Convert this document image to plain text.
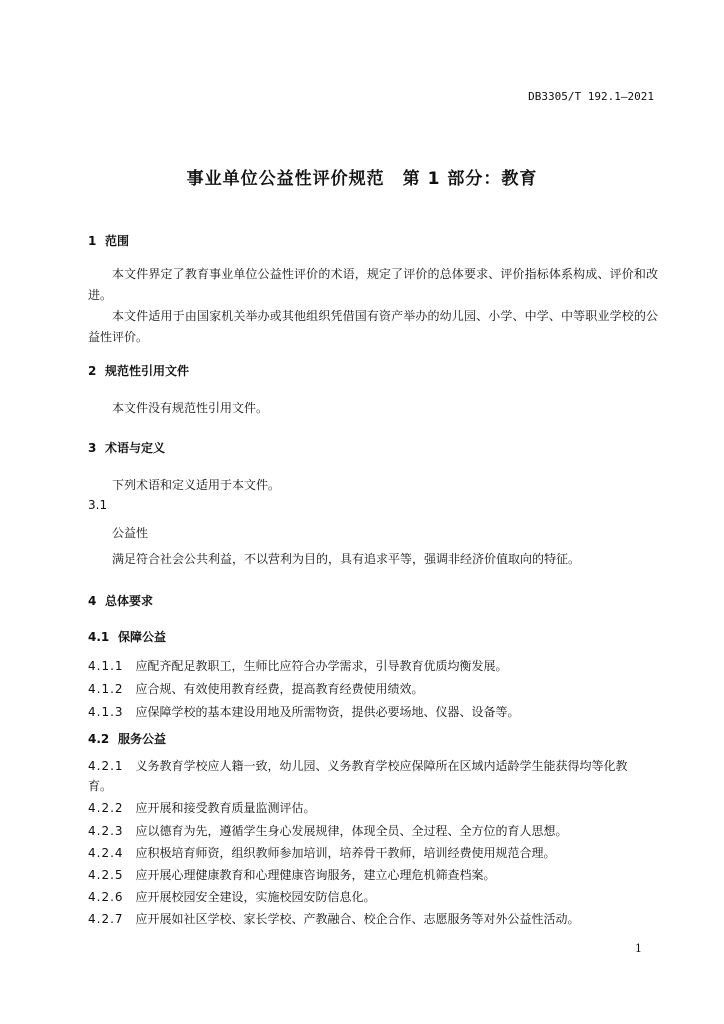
DB3305/T 192.1—2021
事业单位公益性评价规范　第 1 部分：教育
1 范围
本文件界定了教育事业单位公益性评价的术语，规定了评价的总体要求、评价指标体系构成、评价和改进。
本文件适用于由国家机关举办或其他组织凭借国有资产举办的幼儿园、小学、中学、中等职业学校的公益性评价。
2 规范性引用文件
本文件没有规范性引用文件。
3 术语与定义
下列术语和定义适用于本文件。
3.1
公益性
满足符合社会公共利益，不以营利为目的，具有追求平等，强调非经济价值取向的特征。
4 总体要求
4.1 保障公益
4.1.1 应配齐配足教职工，生师比应符合办学需求，引导教育优质均衡发展。
4.1.2 应合规、有效使用教育经费，提高教育经费使用绩效。
4.1.3 应保障学校的基本建设用地及所需物资，提供必要场地、仪器、设备等。
4.2 服务公益
4.2.1 义务教育学校应人籍一致，幼儿园、义务教育学校应保障所在区域内适龄学生能获得均等化教
育。
4.2.2 应开展和接受教育质量监测评估。
4.2.3 应以德育为先，遵循学生身心发展规律，体现全员、全过程、全方位的育人思想。
4.2.4 应积极培育师资，组织教师参加培训，培养骨干教师，培训经费使用规范合理。
4.2.5 应开展心理健康教育和心理健康咨询服务，建立心理危机筛查档案。
4.2.6 应开展校园安全建设，实施校园安防信息化。
4.2.7 应开展如社区学校、家长学校、产教融合、校企合作、志愿服务等对外公益性活动。
1
